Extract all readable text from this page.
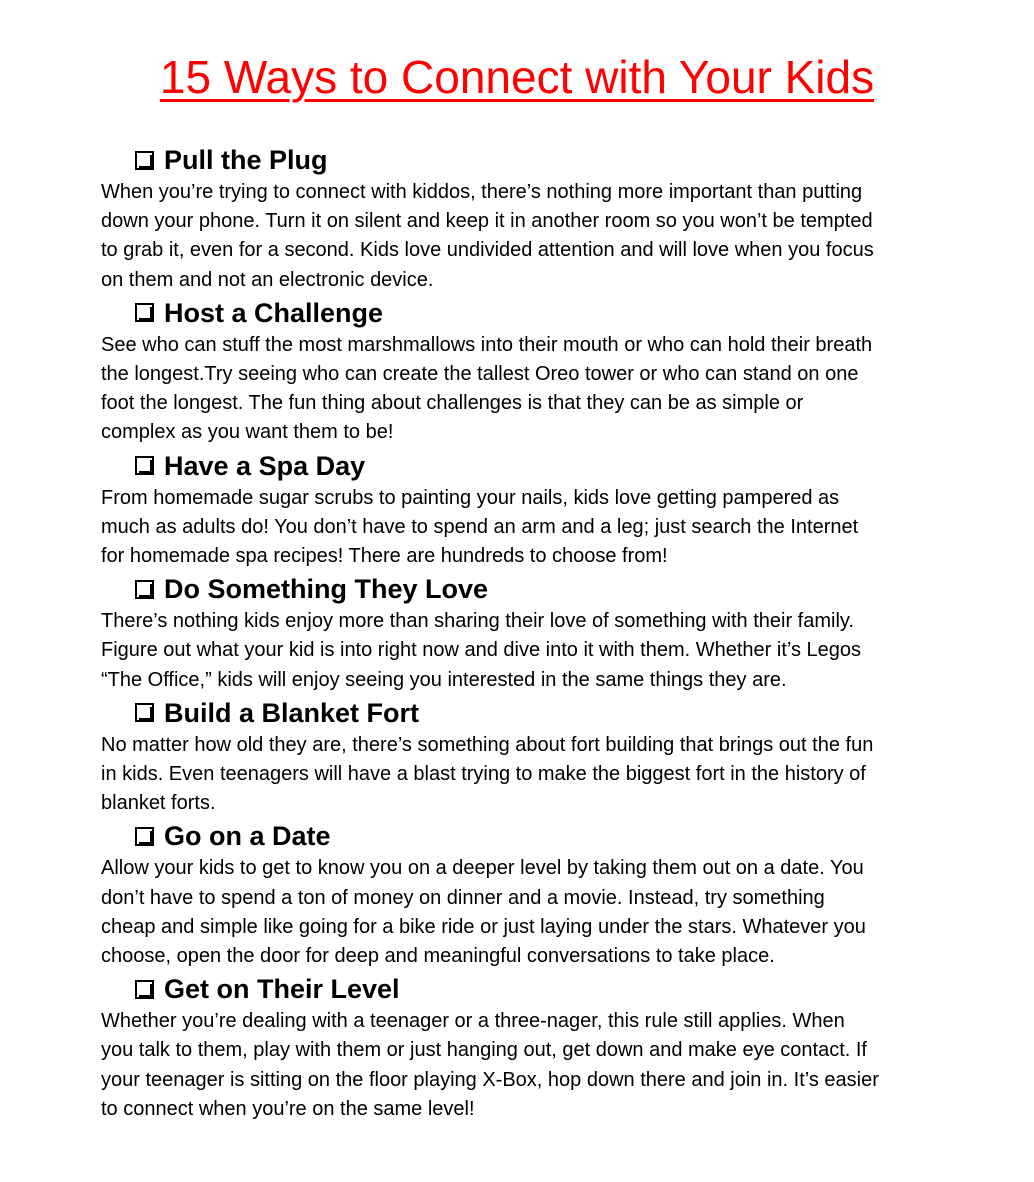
15 Ways to Connect with Your Kids
Pull the Plug

When you’re trying to connect with kiddos, there’s nothing more important than putting
down your phone. Turn it on silent and keep it in another room so you won’t be tempted
to grab it, even for a second. Kids love undivided attention and will love when you focus
on them and not an electronic device.

Host a Challenge

See who can stuff the most marshmallows into their mouth or who can hold their breath
the longest.Try seeing who can create the tallest Oreo tower or who can stand on one
foot the longest. The fun thing about challenges is that they can be as simple or
complex as you want them to be!

Have a Spa Day

From homemade sugar scrubs to painting your nails, kids love getting pampered as
much as adults do! You don’t have to spend an arm and a leg; just search the Internet
for homemade spa recipes! There are hundreds to choose from!

Do Something They Love

There’s nothing kids enjoy more than sharing their love of something with their family.
Figure out what your kid is into right now and dive into it with them. Whether it’s Legos
“The Office,” kids will enjoy seeing you interested in the same things they are.

Build a Blanket Fort

No matter how old they are, there’s something about fort building that brings out the fun
in kids. Even teenagers will have a blast trying to make the biggest fort in the history of
blanket forts.

Go on a Date

Allow your kids to get to know you on a deeper level by taking them out on a date. You
don’t have to spend a ton of money on dinner and a movie. Instead, try something
cheap and simple like going for a bike ride or just laying under the stars. Whatever you
choose, open the door for deep and meaningful conversations to take place.

Get on Their Level

Whether you’re dealing with a teenager or a three-nager, this rule still applies. When
you talk to them, play with them or just hanging out, get down and make eye contact. If
your teenager is sitting on the floor playing X-Box, hop down there and join in. It’s easier
to connect when you’re on the same level!
